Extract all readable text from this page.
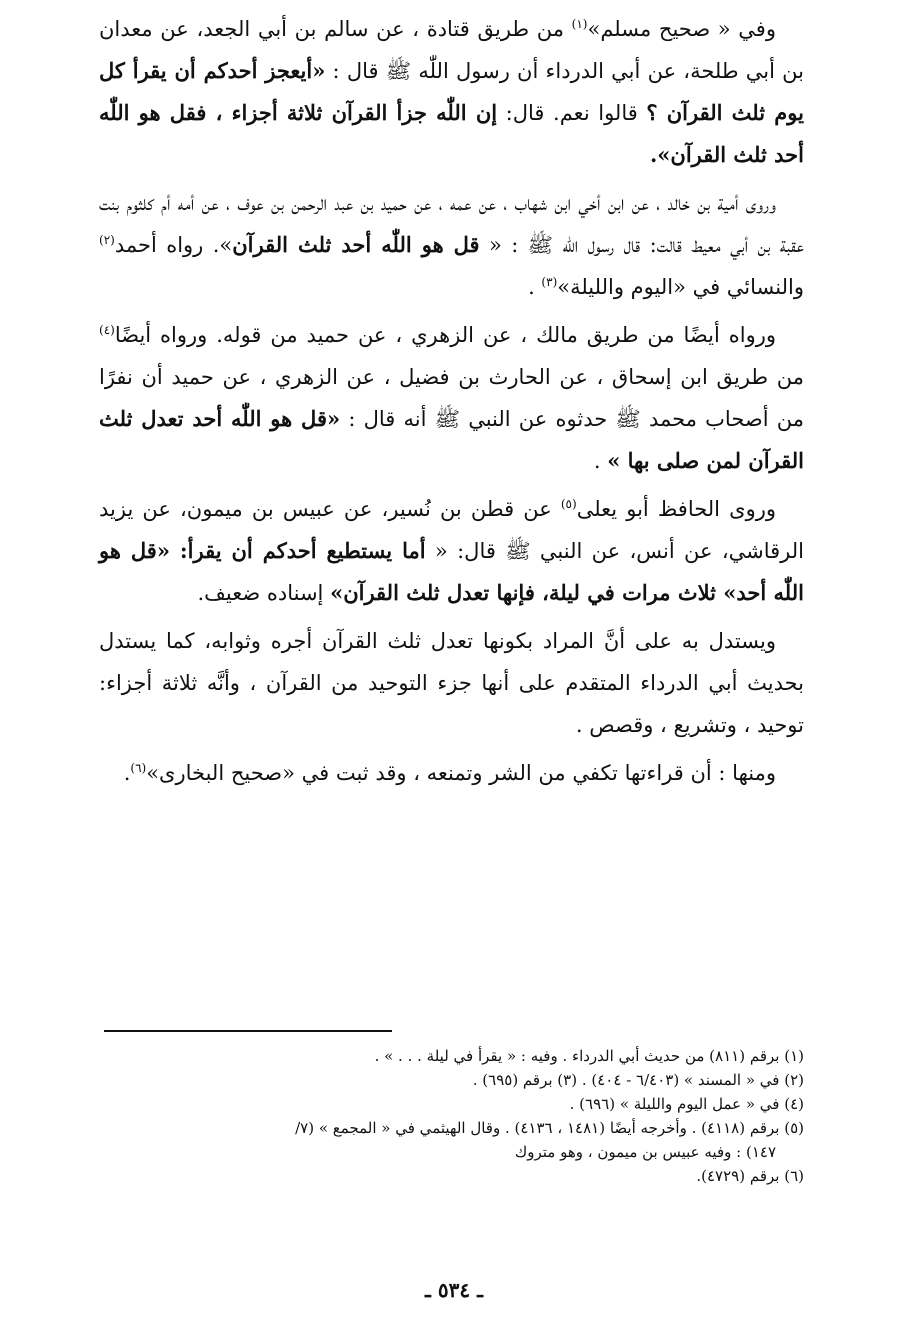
وفي « صحيح مسلم»$^{(١)}$ من طريق قتادة ، عن سالم بن أبي الجعد، عن معدان بن أبي طلحة، عن أبي الدرداء أن رسول اللّٰه ﷺ قال : «أيعجز أحدكم أن يقرأ كل يوم ثلث القرآن ؟ قالوا نعم. قال: إن اللّٰه جزأ القرآن ثلاثة أجزاء ، فقل هو اللّٰه أحد ثلث القرآن».

وروى أمية بن خالد ، عن ابن أخي ابن شهاب ، عن عمه ، عن حميد بن عبد الرحمن بن عوف ، عن أمه أم كلثوم بنت عقبة بن أبي معيط قالت: قال رسول اللّٰه ﷺ : « قل هو اللّٰه أحد ثلث القرآن». رواه أحمد$^{(٢)}$ والنسائي في «اليوم والليلة»$^{(٣)}$ .

ورواه أيضًا من طريق مالك ، عن الزهري ، عن حميد من قوله. ورواه أيضًا$^{(٤)}$ من طريق ابن إسحاق ، عن الحارث بن فضيل ، عن الزهري ، عن حميد أن نفرًا من أصحاب محمد ﷺ حدثوه عن النبي ﷺ أنه قال : «قل هو اللّٰه أحد تعدل ثلث القرآن لمن صلى بها » .

وروى الحافظ أبو يعلى$^{(٥)}$ عن قطن بن نُسير، عن عبيس بن ميمون، عن يزيد الرقاشي، عن أنس، عن النبي ﷺ قال: « أما يستطيع أحدكم أن يقرأ: «قل هو اللّٰه أحد» ثلاث مرات في ليلة، فإنها تعدل ثلث القرآن» إسناده ضعيف.

ويستدل به على أنَّ المراد بكونها تعدل ثلث القرآن أجره وثوابه، كما يستدل بحديث أبي الدرداء المتقدم على أنها جزء التوحيد من القرآن ، وأنَّه ثلاثة أجزاء: توحيد ، وتشريع ، وقصص .

ومنها : أن قراءتها تكفي من الشر وتمنعه ، وقد ثبت في «صحيح البخارى»$^{(٦)}$.

(١) برقم (٨١١) من حديث أبي الدرداء . وفيه : « يقرأ في ليلة . . . » .
(٢) في « المسند » (٦/٤٠٣ - ٤٠٤) . (٣) برقم (٦٩٥) .
(٤) في « عمل اليوم والليلة » (٦٩٦) .
(٥) برقم (٤١١٨) . وأخرجه أيضًا (١٤٨١ ، ٤١٣٦) . وقال الهيثمي في « المجمع » (٧/
١٤٧) : وفيه عبيس بن ميمون ، وهو متروك
(٦) برقم (٤٧٢٩).
ـ ٥٣٤ ـ
